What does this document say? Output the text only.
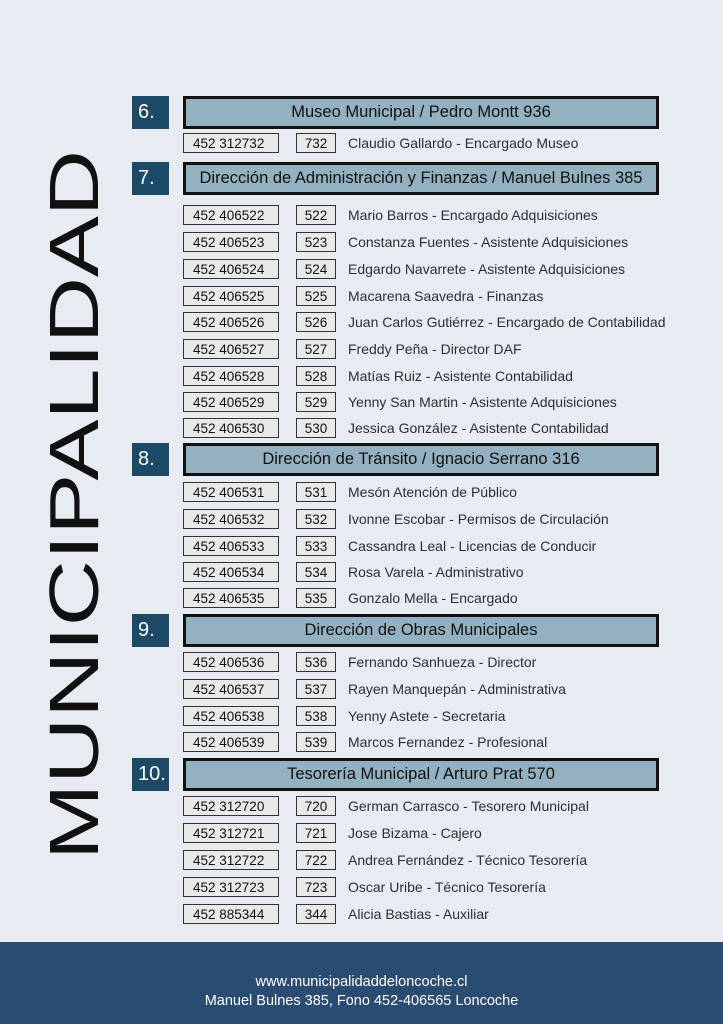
MUNICIPALIDAD
6.	Museo Municipal / Pedro Montt 936
452 312732	732	Claudio Gallardo - Encargado Museo
7.	Dirección de Administración y Finanzas / Manuel Bulnes 385
452 406522	522	Mario Barros - Encargado Adquisiciones
452 406523	523	Constanza Fuentes - Asistente Adquisiciones
452 406524	524	Edgardo Navarrete - Asistente Adquisiciones
452 406525	525	Macarena Saavedra - Finanzas
452 406526	526	Juan Carlos Gutiérrez - Encargado de Contabilidad
452 406527	527	Freddy Peña - Director DAF
452 406528	528	Matías Ruiz - Asistente Contabilidad
452 406529	529	Yenny San Martin - Asistente Adquisiciones
452 406530	530	Jessica González - Asistente Contabilidad
8.	Dirección de Tránsito / Ignacio Serrano 316
452 406531	531	Mesón Atención de Público
452 406532	532	Ivonne Escobar - Permisos de Circulación
452 406533	533	Cassandra Leal - Licencias de Conducir
452 406534	534	Rosa Varela - Administrativo
452 406535	535	Gonzalo Mella - Encargado
9.	Dirección de Obras Municipales
452 406536	536	Fernando Sanhueza - Director
452 406537	537	Rayen Manquepán - Administrativa
452 406538	538	Yenny Astete - Secretaria
452 406539	539	Marcos Fernandez - Profesional
10.	Tesorería Municipal / Arturo Prat 570
452 312720	720	German Carrasco - Tesorero Municipal
452 312721	721	Jose Bizama - Cajero
452 312722	722	Andrea Fernández - Técnico Tesorería
452 312723	723	Oscar Uribe - Técnico Tesorería
452 885344	344	Alicia Bastias - Auxiliar
www.municipalidaddeloncoche.cl
Manuel Bulnes 385, Fono 452-406565 Loncoche
